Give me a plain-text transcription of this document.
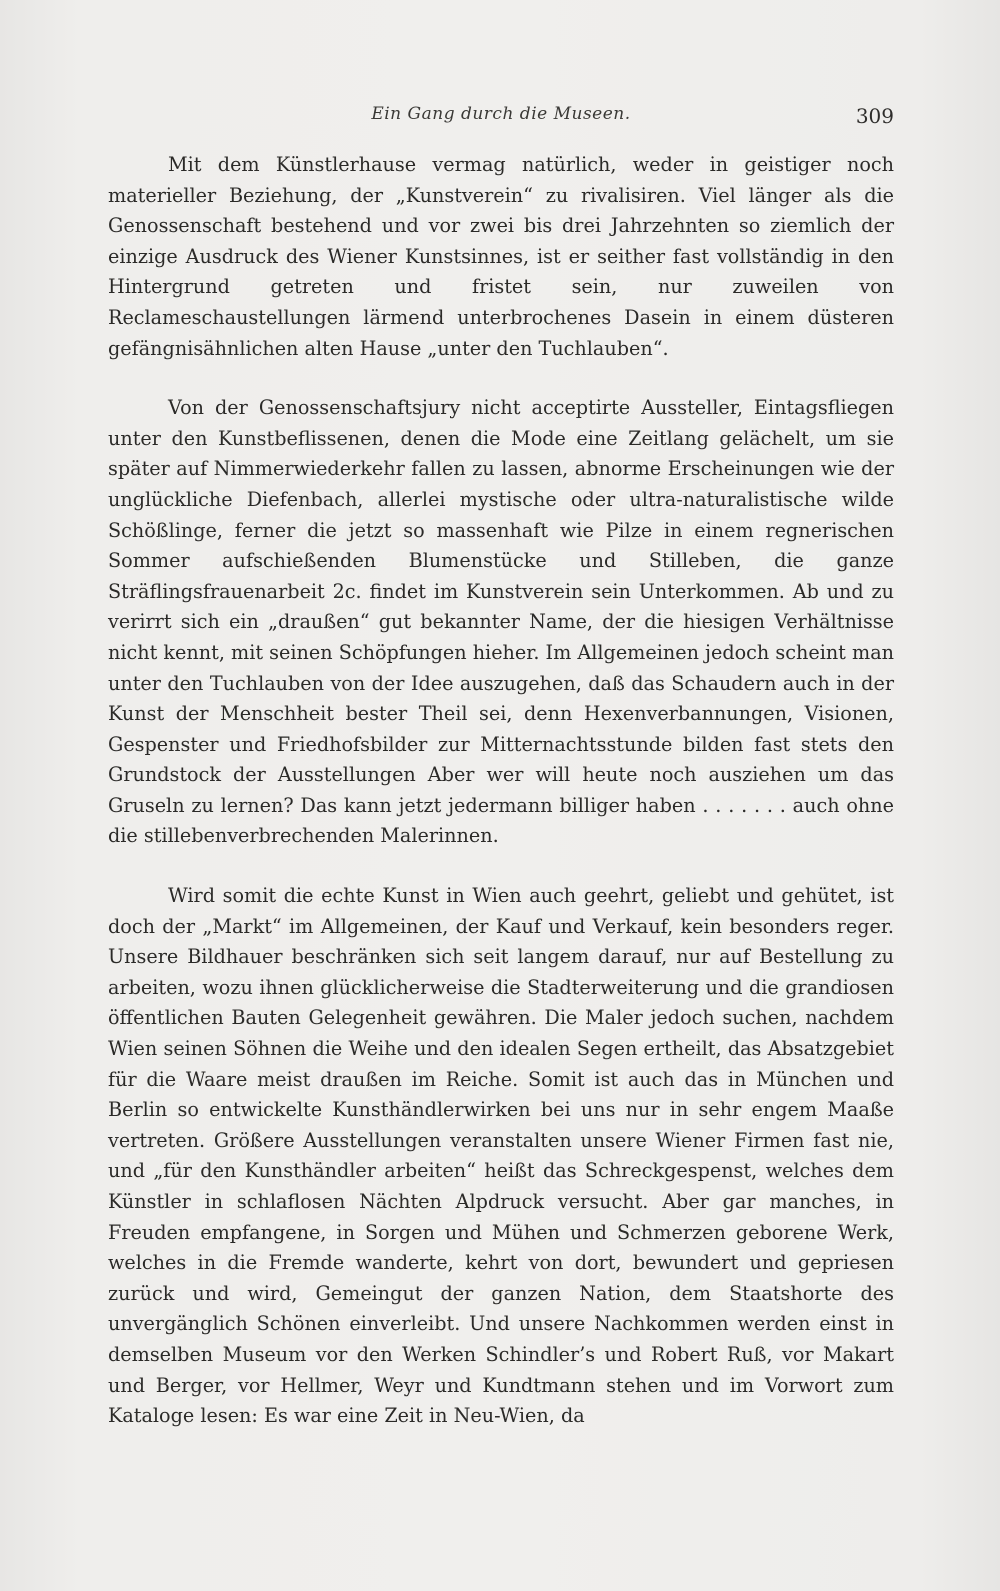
Ein Gang durch die Museen.	309

Mit dem Künstlerhause vermag natürlich, weder in geistiger noch materieller Beziehung, der „Kunstverein“ zu rivalisiren. Viel länger als die Genossenschaft bestehend und vor zwei bis drei Jahrzehnten so ziemlich der einzige Ausdruck des Wiener Kunstsinnes, ist er seither fast vollständig in den Hintergrund getreten und fristet sein, nur zuweilen von Reclameschaustellungen lärmend unterbrochenes Dasein in einem düsteren gefängnisähnlichen alten Hause „unter den Tuchlauben“.

Von der Genossenschaftsjury nicht acceptirte Aussteller, Eintagsfliegen unter den Kunstbeflissenen, denen die Mode eine Zeitlang gelächelt, um sie später auf Nimmerwiederkehr fallen zu lassen, abnorme Erscheinungen wie der unglückliche Diefenbach, allerlei mystische oder ultra-naturalistische wilde Schößlinge, ferner die jetzt so massenhaft wie Pilze in einem regnerischen Sommer aufschießenden Blumenstücke und Stilleben, die ganze Sträflingsfrauenarbeit 2c. findet im Kunstverein sein Unterkommen. Ab und zu verirrt sich ein „draußen“ gut bekannter Name, der die hiesigen Verhältnisse nicht kennt, mit seinen Schöpfungen hieher. Im Allgemeinen jedoch scheint man unter den Tuchlauben von der Idee auszugehen, daß das Schaudern auch in der Kunst der Menschheit bester Theil sei, denn Hexenverbannungen, Visionen, Gespenster und Friedhofsbilder zur Mitternachtsstunde bilden fast stets den Grundstock der Ausstellungen Aber wer will heute noch ausziehen um das Gruseln zu lernen? Das kann jetzt jedermann billiger haben . . . . . . . auch ohne die stillebenverbrechenden Malerinnen.

Wird somit die echte Kunst in Wien auch geehrt, geliebt und gehütet, ist doch der „Markt“ im Allgemeinen, der Kauf und Verkauf, kein besonders reger. Unsere Bildhauer beschränken sich seit langem darauf, nur auf Bestellung zu arbeiten, wozu ihnen glücklicherweise die Stadterweiterung und die grandiosen öffentlichen Bauten Gelegenheit gewähren. Die Maler jedoch suchen, nachdem Wien seinen Söhnen die Weihe und den idealen Segen ertheilt, das Absatzgebiet für die Waare meist draußen im Reiche. Somit ist auch das in München und Berlin so entwickelte Kunsthändlerwirken bei uns nur in sehr engem Maaße vertreten. Größere Ausstellungen veranstalten unsere Wiener Firmen fast nie, und „für den Kunsthändler arbeiten“ heißt das Schreckgespenst, welches dem Künstler in schlaflosen Nächten Alpdruck versucht. Aber gar manches, in Freuden empfangene, in Sorgen und Mühen und Schmerzen geborene Werk, welches in die Fremde wanderte, kehrt von dort, bewundert und gepriesen zurück und wird, Gemeingut der ganzen Nation, dem Staatshorte des unvergänglich Schönen einverleibt. Und unsere Nachkommen werden einst in demselben Museum vor den Werken Schindler’s und Robert Ruß, vor Makart und Berger, vor Hellmer, Weyr und Kundtmann stehen und im Vorwort zum Kataloge lesen: Es war eine Zeit in Neu-Wien, da
